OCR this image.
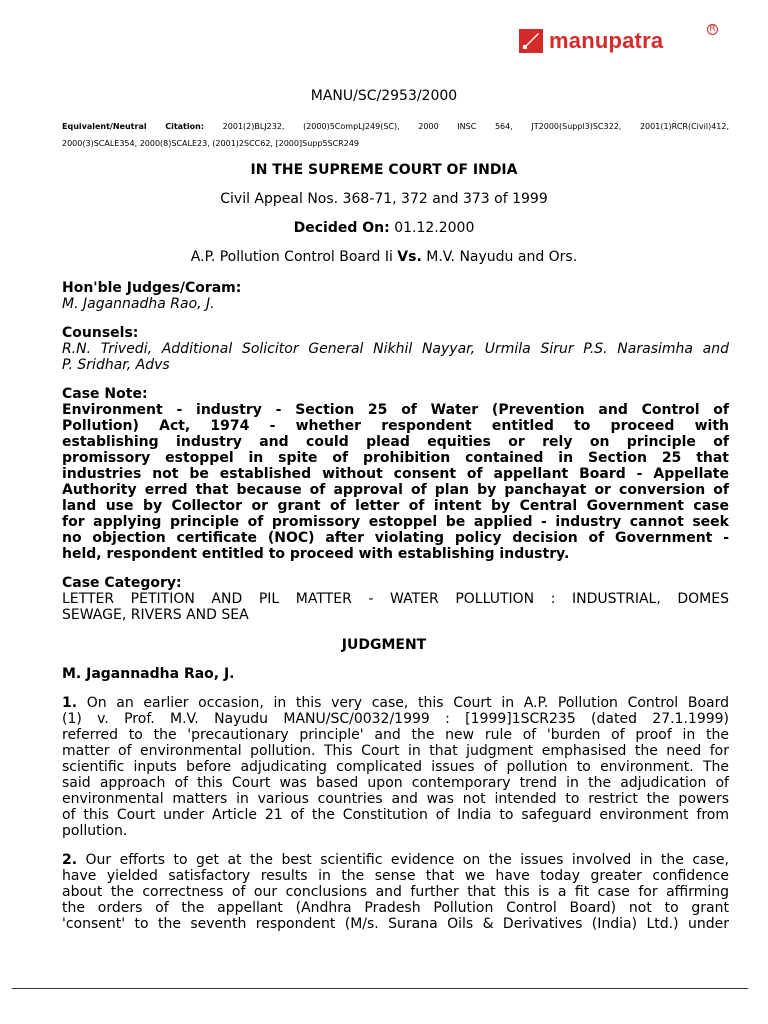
manupatra	R
MANU/SC/2953/2000
Equivalent/Neutral Citation: 2001(2)BLJ232, (2000)5CompLJ249(SC), 2000 INSC 564, JT2000(Suppl3)SC322, 2001(1)RCR(Civil)412,
2000(3)SCALE354, 2000(8)SCALE23, (2001)2SCC62, [2000]Supp5SCR249
IN THE SUPREME COURT OF INDIA
Civil Appeal Nos. 368-71, 372 and 373 of 1999
Decided On: 01.12.2000
A.P. Pollution Control Board Ii Vs. M.V. Nayudu and Ors.
Hon'ble Judges/Coram:
M. Jagannadha Rao, J.
Counsels:
R.N. Trivedi, Additional Solicitor General Nikhil Nayyar, Urmila Sirur P.S. Narasimha and
P. Sridhar, Advs
Case Note:
Environment - industry - Section 25 of Water (Prevention and Control of
Pollution) Act, 1974 - whether respondent entitled to proceed with
establishing industry and could plead equities or rely on principle of
promissory estoppel in spite of prohibition contained in Section 25 that
industries not be established without consent of appellant Board - Appellate
Authority erred that because of approval of plan by panchayat or conversion of
land use by Collector or grant of letter of intent by Central Government case
for applying principle of promissory estoppel be applied - industry cannot seek
no objection certificate (NOC) after violating policy decision of Government -
held, respondent entitled to proceed with establishing industry.
Case Category:
LETTER PETITION AND PIL MATTER - WATER POLLUTION : INDUSTRIAL, DOMES
SEWAGE, RIVERS AND SEA
JUDGMENT
M. Jagannadha Rao, J.
1. On an earlier occasion, in this very case, this Court in A.P. Pollution Control Board
(1) v. Prof. M.V. Nayudu MANU/SC/0032/1999 : [1999]1SCR235 (dated 27.1.1999)
referred to the 'precautionary principle' and the new rule of 'burden of proof in the
matter of environmental pollution. This Court in that judgment emphasised the need for
scientific inputs before adjudicating complicated issues of pollution to environment. The
said approach of this Court was based upon contemporary trend in the adjudication of
environmental matters in various countries and was not intended to restrict the powers
of this Court under Article 21 of the Constitution of India to safeguard environment from
pollution.
2. Our efforts to get at the best scientific evidence on the issues involved in the case,
have yielded satisfactory results in the sense that we have today greater confidence
about the correctness of our conclusions and further that this is a fit case for affirming
the orders of the appellant (Andhra Pradesh Pollution Control Board) not to grant
'consent' to the seventh respondent (M/s. Surana Oils & Derivatives (India) Ltd.) under
